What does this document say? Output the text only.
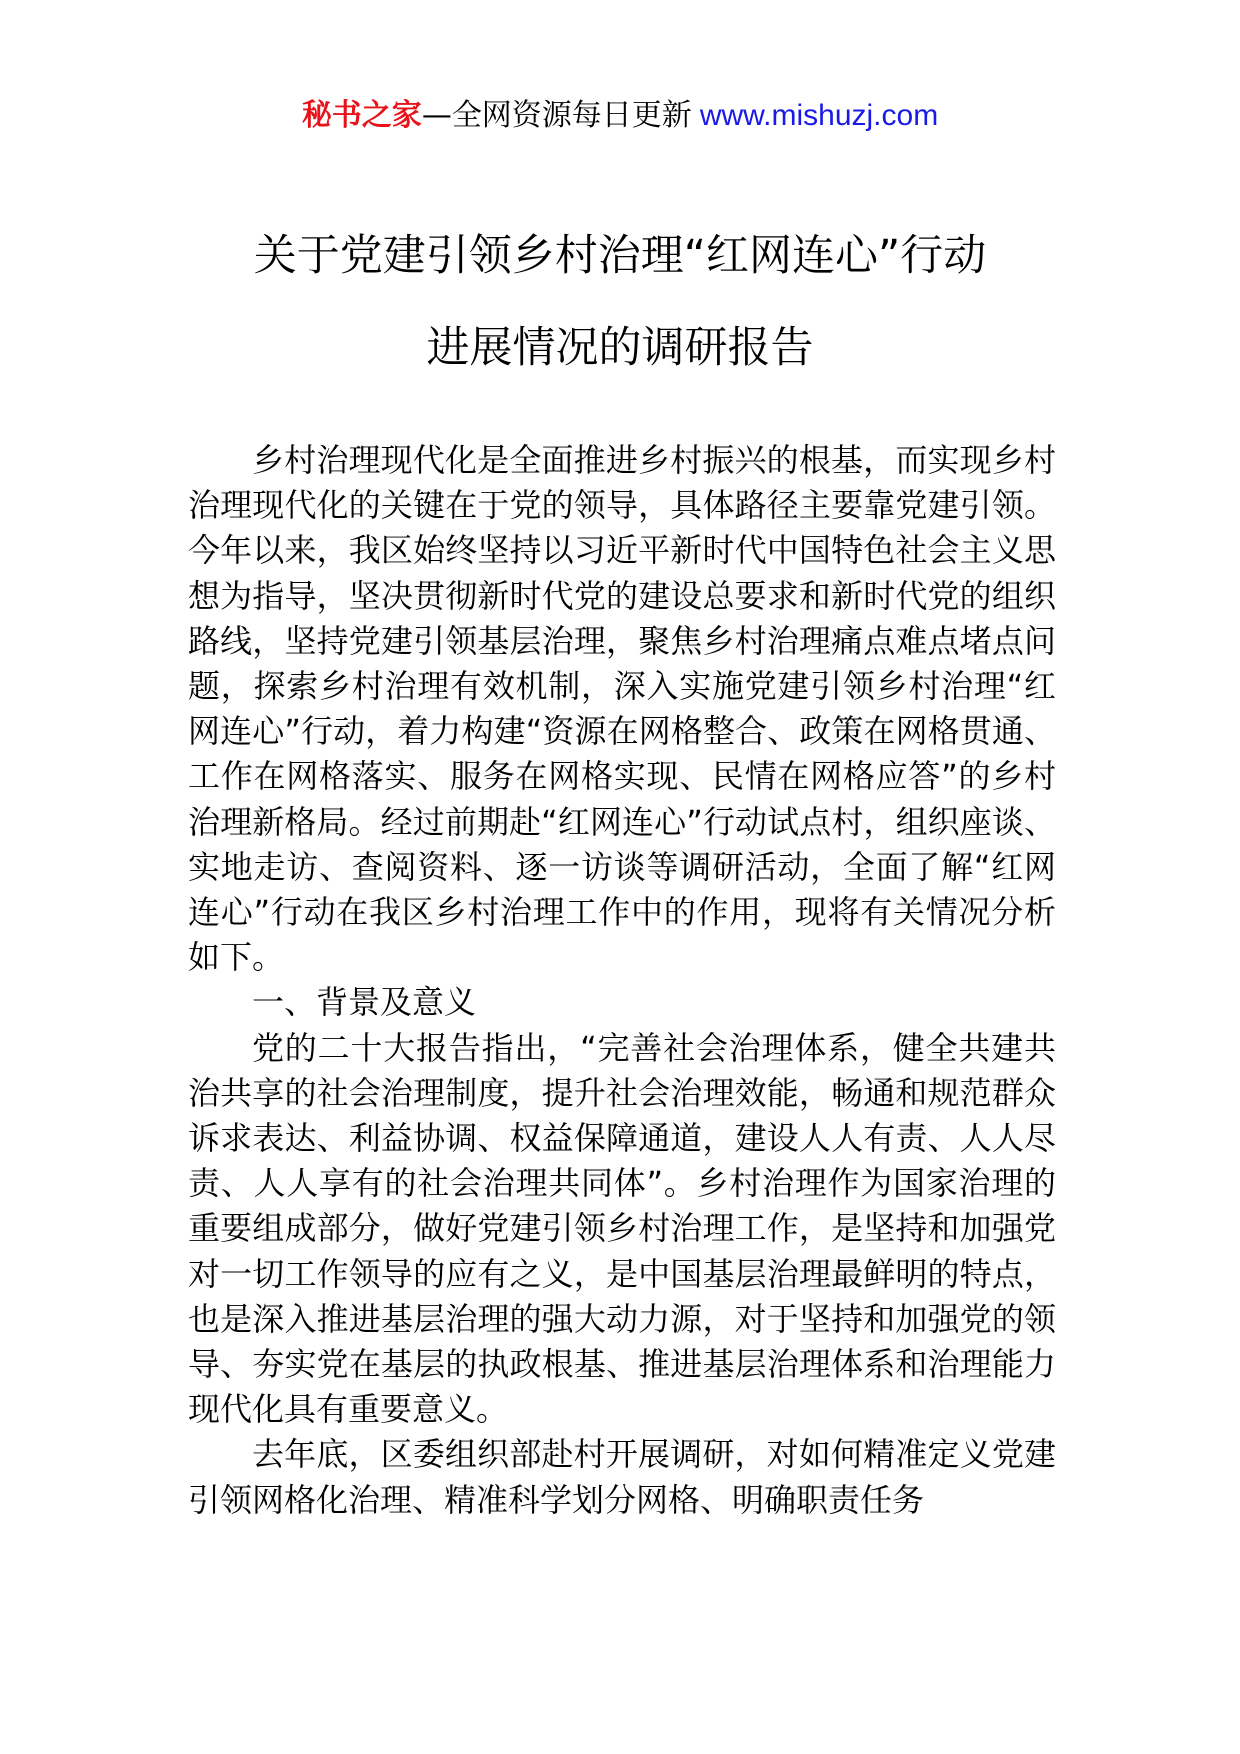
秘书之家—全网资源每日更新 www.mishuzj.com
关于党建引领乡村治理“红网连心”行动
进展情况的调研报告

乡村治理现代化是全面推进乡村振兴的根基，而实现乡村治理现代化的关键在于党的领导，具体路径主要靠党建引领。今年以来，我区始终坚持以习近平新时代中国特色社会主义思想为指导，坚决贯彻新时代党的建设总要求和新时代党的组织路线，坚持党建引领基层治理，聚焦乡村治理痛点难点堵点问题，探索乡村治理有效机制，深入实施党建引领乡村治理“红网连心”行动，着力构建“资源在网格整合、政策在网格贯通、工作在网格落实、服务在网格实现、民情在网格应答”的乡村治理新格局。经过前期赴“红网连心”行动试点村，组织座谈、实地走访、查阅资料、逐一访谈等调研活动，全面了解“红网连心”行动在我区乡村治理工作中的作用，现将有关情况分析如下。

一、背景及意义

党的二十大报告指出，“完善社会治理体系，健全共建共治共享的社会治理制度，提升社会治理效能，畅通和规范群众诉求表达、利益协调、权益保障通道，建设人人有责、人人尽责、人人享有的社会治理共同体”。乡村治理作为国家治理的重要组成部分，做好党建引领乡村治理工作，是坚持和加强党对一切工作领导的应有之义，是中国基层治理最鲜明的特点，也是深入推进基层治理的强大动力源，对于坚持和加强党的领导、夯实党在基层的执政根基、推进基层治理体系和治理能力现代化具有重要意义。

去年底，区委组织部赴村开展调研，对如何精准定义党建引领网格化治理、精准科学划分网格、明确职责任务
